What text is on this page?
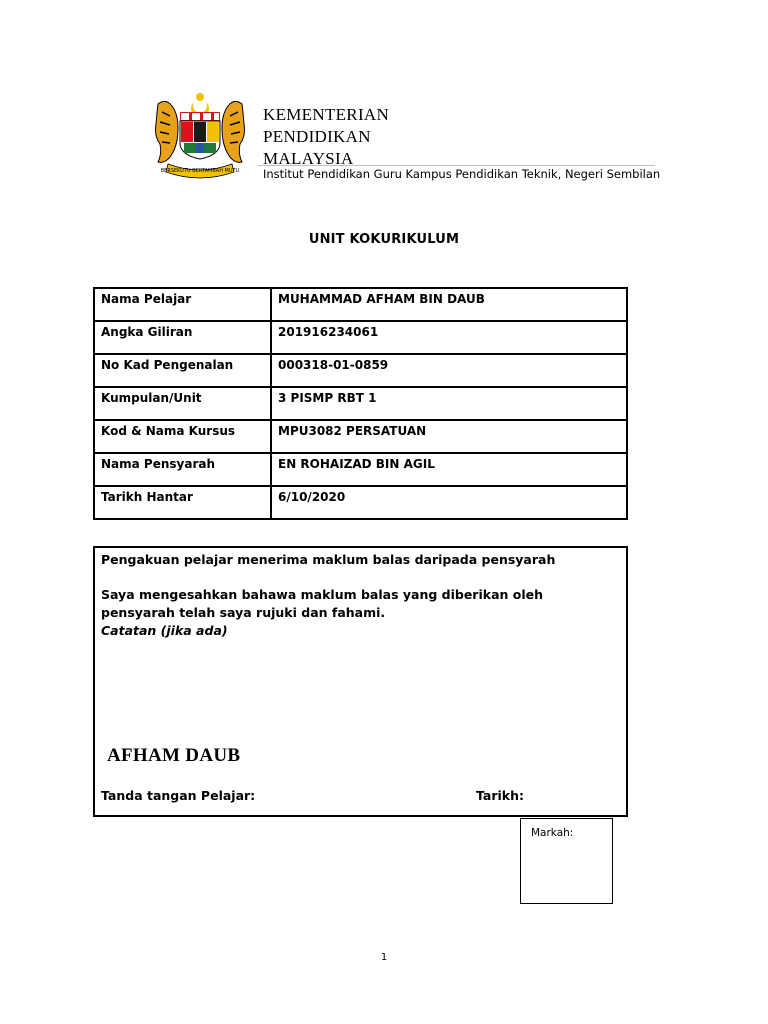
BERSEKUTU BERTAMBAH MUTU
KEMENTERIAN
PENDIDIKAN
MALAYSIA
Institut Pendidikan Guru Kampus Pendidikan Teknik, Negeri Sembilan
UNIT KOKURIKULUM
Nama Pelajar	MUHAMMAD AFHAM BIN DAUB
Angka Giliran	201916234061
No Kad Pengenalan	000318-01-0859
Kumpulan/Unit	3 PISMP RBT 1
Kod & Nama Kursus	MPU3082 PERSATUAN
Nama Pensyarah	EN ROHAIZAD BIN AGIL
Tarikh Hantar	6/10/2020
Pengakuan pelajar menerima maklum balas daripada pensyarah
Saya mengesahkan bahawa maklum balas yang diberikan oleh pensyarah telah saya rujuki dan fahami.
Catatan (jika ada)
AFHAM DAUB
Tanda tangan Pelajar:	Tarikh:
Markah:
1
